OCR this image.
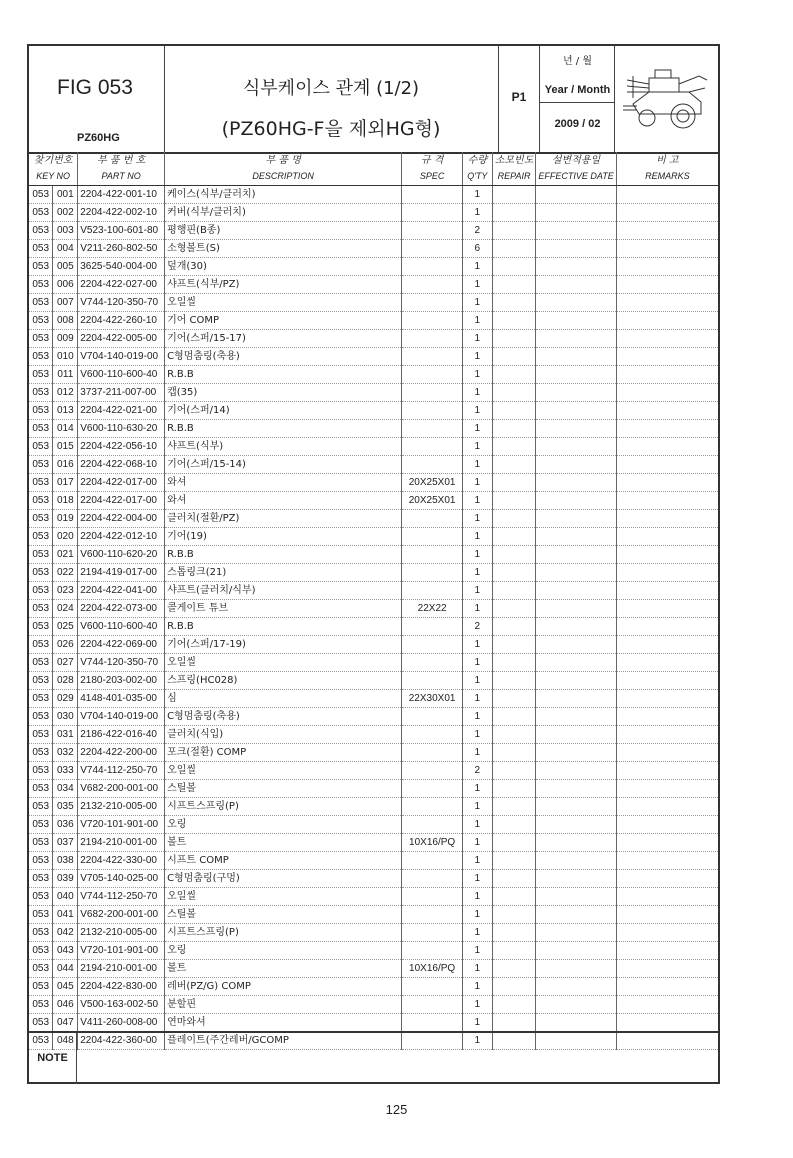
FIG 053
PZ60HG
식부케이스 관계 (1/2)
(PZ60HG-F을 제외HG형)
P1
년 / 월
Year / Month
2009 / 02
찾기번호		부 품 번 호	부 품 명	규 격	수량	소모빈도	설변적용일	비 고
KEY NO		PART NO	DESCRIPTION	SPEC	Q'TY	REPAIR	EFFECTIVE DATE	REMARKS
053	001	2204-422-001-10	케이스(식부/클러치)		1			
053	002	2204-422-002-10	커버(식부/클러치)		1			
053	003	V523-100-601-80	평행핀(B종)		2			
053	004	V211-260-802-50	소형볼트(S)		6			
053	005	3625-540-004-00	덮개(30)		1			
053	006	2204-422-027-00	샤프트(식부/PZ)		1			
053	007	V744-120-350-70	오일씰		1			
053	008	2204-422-260-10	기어 COMP		1			
053	009	2204-422-005-00	기어(스퍼/15-17)		1			
053	010	V704-140-019-00	C형멈춤링(축용)		1			
053	011	V600-110-600-40	R.B.B		1			
053	012	3737-211-007-00	캡(35)		1			
053	013	2204-422-021-00	기어(스퍼/14)		1			
053	014	V600-110-630-20	R.B.B		1			
053	015	2204-422-056-10	샤프트(식부)		1			
053	016	2204-422-068-10	기어(스퍼/15-14)		1			
053	017	2204-422-017-00	와셔	20X25X01	1			
053	018	2204-422-017-00	와셔	20X25X01	1			
053	019	2204-422-004-00	클러치(절환/PZ)		1			
053	020	2204-422-012-10	기어(19)		1			
053	021	V600-110-620-20	R.B.B		1			
053	022	2194-419-017-00	스톱링크(21)		1			
053	023	2204-422-041-00	샤프트(클러치/식부)		1			
053	024	2204-422-073-00	콜게이트 튜브	22X22	1			
053	025	V600-110-600-40	R.B.B		2			
053	026	2204-422-069-00	기어(스퍼/17-19)		1			
053	027	V744-120-350-70	오일씰		1			
053	028	2180-203-002-00	스프링(HC028)		1			
053	029	4148-401-035-00	심	22X30X01	1			
053	030	V704-140-019-00	C형멈춤링(축용)		1			
053	031	2186-422-016-40	클러치(식입)		1			
053	032	2204-422-200-00	포크(절환) COMP		1			
053	033	V744-112-250-70	오일씰		2			
053	034	V682-200-001-00	스틸볼		1			
053	035	2132-210-005-00	시프트스프링(P)		1			
053	036	V720-101-901-00	오링		1			
053	037	2194-210-001-00	볼트	10X16/PQ	1			
053	038	2204-422-330-00	시프트 COMP		1			
053	039	V705-140-025-00	C형멈춤링(구멍)		1			
053	040	V744-112-250-70	오일씰		1			
053	041	V682-200-001-00	스틸볼		1			
053	042	2132-210-005-00	시프트스프링(P)		1			
053	043	V720-101-901-00	오링		1			
053	044	2194-210-001-00	볼트	10X16/PQ	1			
053	045	2204-422-830-00	레버(PZ/G) COMP		1			
053	046	V500-163-002-50	분할핀		1			
053	047	V411-260-008-00	연마와셔		1			
053	048	2204-422-360-00	플레이트(주간레버/GCOMP		1			
NOTE
125
